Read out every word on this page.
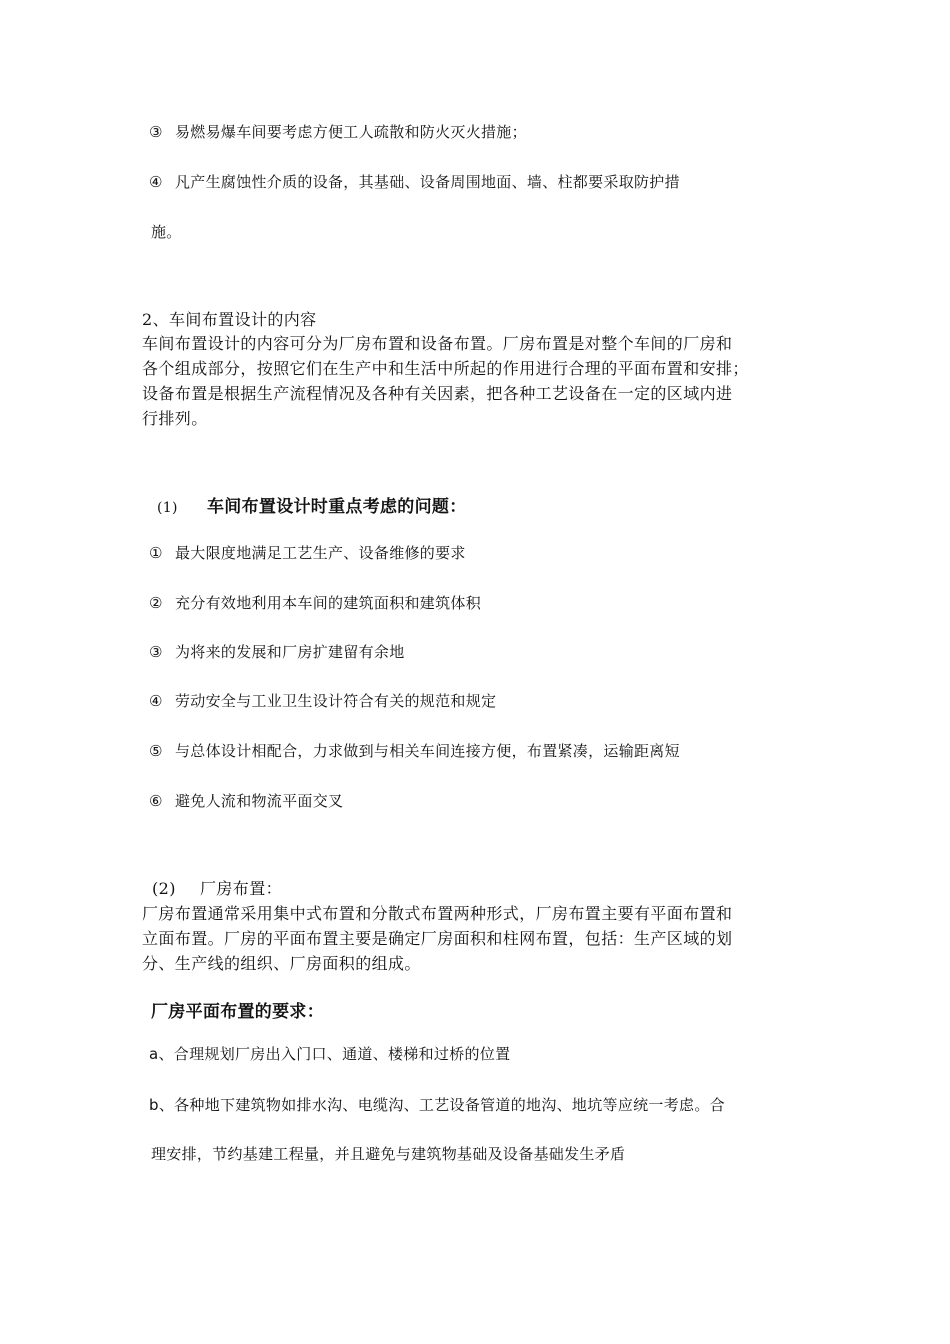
③ 易燃易爆车间要考虑方便工人疏散和防火灭火措施；
④ 凡产生腐蚀性介质的设备，其基础、设备周围地面、墙、柱都要采取防护措
施。
2、车间布置设计的内容
车间布置设计的内容可分为厂房布置和设备布置。厂房布置是对整个车间的厂房和
各个组成部分，按照它们在生产中和生活中所起的作用进行合理的平面布置和安排；
设备布置是根据生产流程情况及各种有关因素，把各种工艺设备在一定的区域内进
行排列。
(1) 车间布置设计时重点考虑的问题：
① 最大限度地满足工艺生产、设备维修的要求
② 充分有效地利用本车间的建筑面积和建筑体积
③ 为将来的发展和厂房扩建留有余地
④ 劳动安全与工业卫生设计符合有关的规范和规定
⑤ 与总体设计相配合，力求做到与相关车间连接方便，布置紧凑，运输距离短
⑥ 避免人流和物流平面交叉
(2) 厂房布置：
厂房布置通常采用集中式布置和分散式布置两种形式，厂房布置主要有平面布置和
立面布置。厂房的平面布置主要是确定厂房面积和柱网布置，包括：生产区域的划
分、生产线的组织、厂房面积的组成。
厂房平面布置的要求：
a、合理规划厂房出入门口、通道、楼梯和过桥的位置
b、各种地下建筑物如排水沟、电缆沟、工艺设备管道的地沟、地坑等应统一考虑。合
理安排，节约基建工程量，并且避免与建筑物基础及设备基础发生矛盾
